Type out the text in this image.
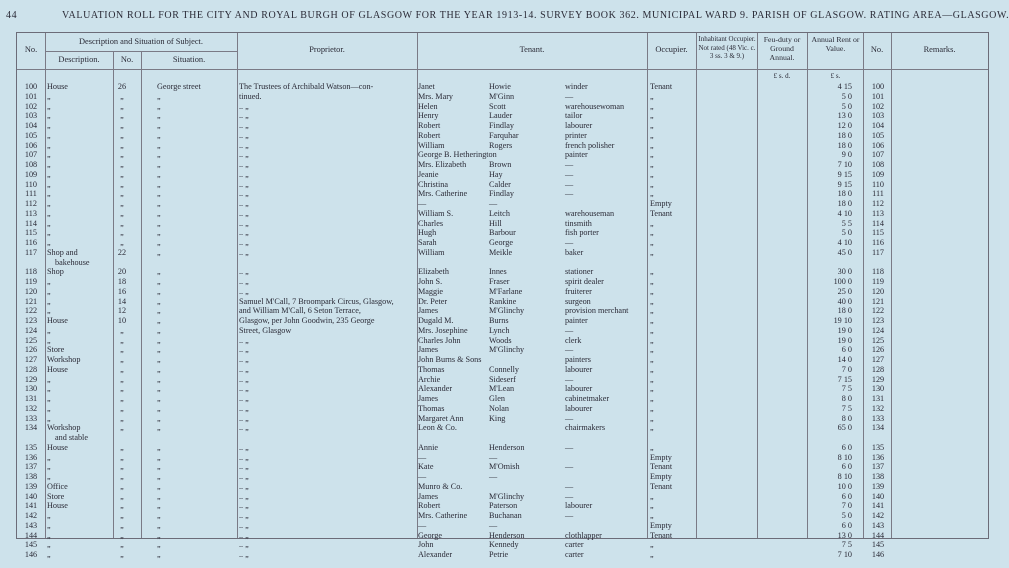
44	VALUATION ROLL FOR THE CITY AND ROYAL BURGH OF GLASGOW FOR THE YEAR 1913-14. SURVEY BOOK 362. MUNICIPAL WARD 9. PARISH OF GLASGOW. RATING AREA—GLASGOW.
No.
Description and Situation of Subject.
Description.	No.	Situation.
Proprietor.	Tenant.	Occupier.
Inhabitant Occupier. Not rated (48 Vic. c. 3 ss. 3 & 9.)
Feu-duty or Ground Annual.
Annual Rent or Value.	No.	Remarks.
£ s. d.	£ s.
100	House	26	George street	The Trustees of Archibald Watson—con-	Janet	Howie	winder	Tenant	4 15	100
101	„	„	„	tinued.	Mrs. Mary	M'Ginn	—	„	5 0	101
102	„	„	„	.. „	Helen	Scott	warehousewoman	„	5 0	102
103	„	„	„	.. „	Henry	Lauder	tailor	„	13 0	103
104	„	„	„	.. „	Robert	Findlay	labourer	„	12 0	104
105	„	„	„	.. „	Robert	Farquhar	printer	„	18 0	105
106	„	„	„	.. „	William	Rogers	french polisher	„	18 0	106
107	„	„	„	.. „	George B. Hetherington	painter	„	9 0	107
108	„	„	„	.. „	Mrs. Elizabeth	Brown	—	„	7 10	108
109	„	„	„	.. „	Jeanie	Hay	—	„	9 15	109
110	„	„	„	.. „	Christina	Calder	—	„	9 15	110
111	„	„	„	.. „	Mrs. Catherine	Findlay	—	„	18 0	111
112	„	„	„	.. „	—	—	Empty	18 0	112
113	„	„	„	.. „	William S.	Leitch	warehouseman	Tenant	4 10	113
114	„	„	„	.. „	Charles	Hill	tinsmith	„	5 5	114
115	„	„	„	.. „	Hugh	Barbour	fish porter	„	5 0	115
116	„	„	„	.. „	Sarah	George	—	„	4 10	116
117	Shop and	22	„	.. „	William	Meikle	baker	„	45 0	117
bakehouse
118	Shop	20	„	.. „	Elizabeth	Innes	stationer	„	30 0	118
119	„	18	„	.. „	John S.	Fraser	spirit dealer	„	100 0	119
120	„	16	„	.. „	Maggie	M'Farlane	fruiterer	„	25 0	120
121	„	14	„	Samuel M'Call, 7 Broompark Circus, Glasgow,	Dr. Peter	Rankine	surgeon	„	40 0	121
122	„	12	„	and William M'Call, 6 Seton Terrace,	James	M'Glinchy	provision merchant	„	18 0	122
123	House	10	„	Glasgow, per John Goodwin, 235 George	Dugald M.	Burns	painter	„	19 10	123
124	„	„	„	Street, Glasgow	Mrs. Josephine	Lynch	—	„	19 0	124
125	„	„	„	.. „	Charles John	Woods	clerk	„	19 0	125
126	Store	„	„	.. „	James	M'Glinchy	—	„	6 0	126
127	Workshop	„	„	.. „	John Burns & Sons	painters	„	14 0	127
128	House	„	„	.. „	Thomas	Connelly	labourer	„	7 0	128
129	„	„	„	.. „	Archie	Sideserf	—	„	7 15	129
130	„	„	„	.. „	Alexander	M'Lean	labourer	„	7 5	130
131	„	„	„	.. „	James	Glen	cabinetmaker	„	8 0	131
132	„	„	„	.. „	Thomas	Nolan	labourer	„	7 5	132
133	„	„	„	.. „	Margaret Ann	King	—	„	8 0	133
134	Workshop	„	„	.. „	Leon & Co.	chairmakers	„	65 0	134
and stable
135	House	„	„	.. „	Annie	Henderson	—	„	6 0	135
136	„	„	„	.. „	—	—	Empty	8 10	136
137	„	„	„	.. „	Kate	M'Omish	—	Tenant	6 0	137
138	„	„	„	.. „	—	—	Empty	8 10	138
139	Office	„	„	.. „	Munro & Co.	—	Tenant	10 0	139
140	Store	„	„	.. „	James	M'Glinchy	—	„	6 0	140
141	House	„	„	.. „	Robert	Paterson	labourer	„	7 0	141
142	„	„	„	.. „	Mrs. Catherine	Buchanan	—	„	5 0	142
143	„	„	„	.. „	—	—	Empty	6 0	143
144	„	„	„	.. „	George	Henderson	clothlapper	Tenant	13 0	144
145	„	„	„	.. „	John	Kennedy	carter	„	7 5	145
146	„	„	„	.. „	Alexander	Petrie	carter	„	7 10	146
